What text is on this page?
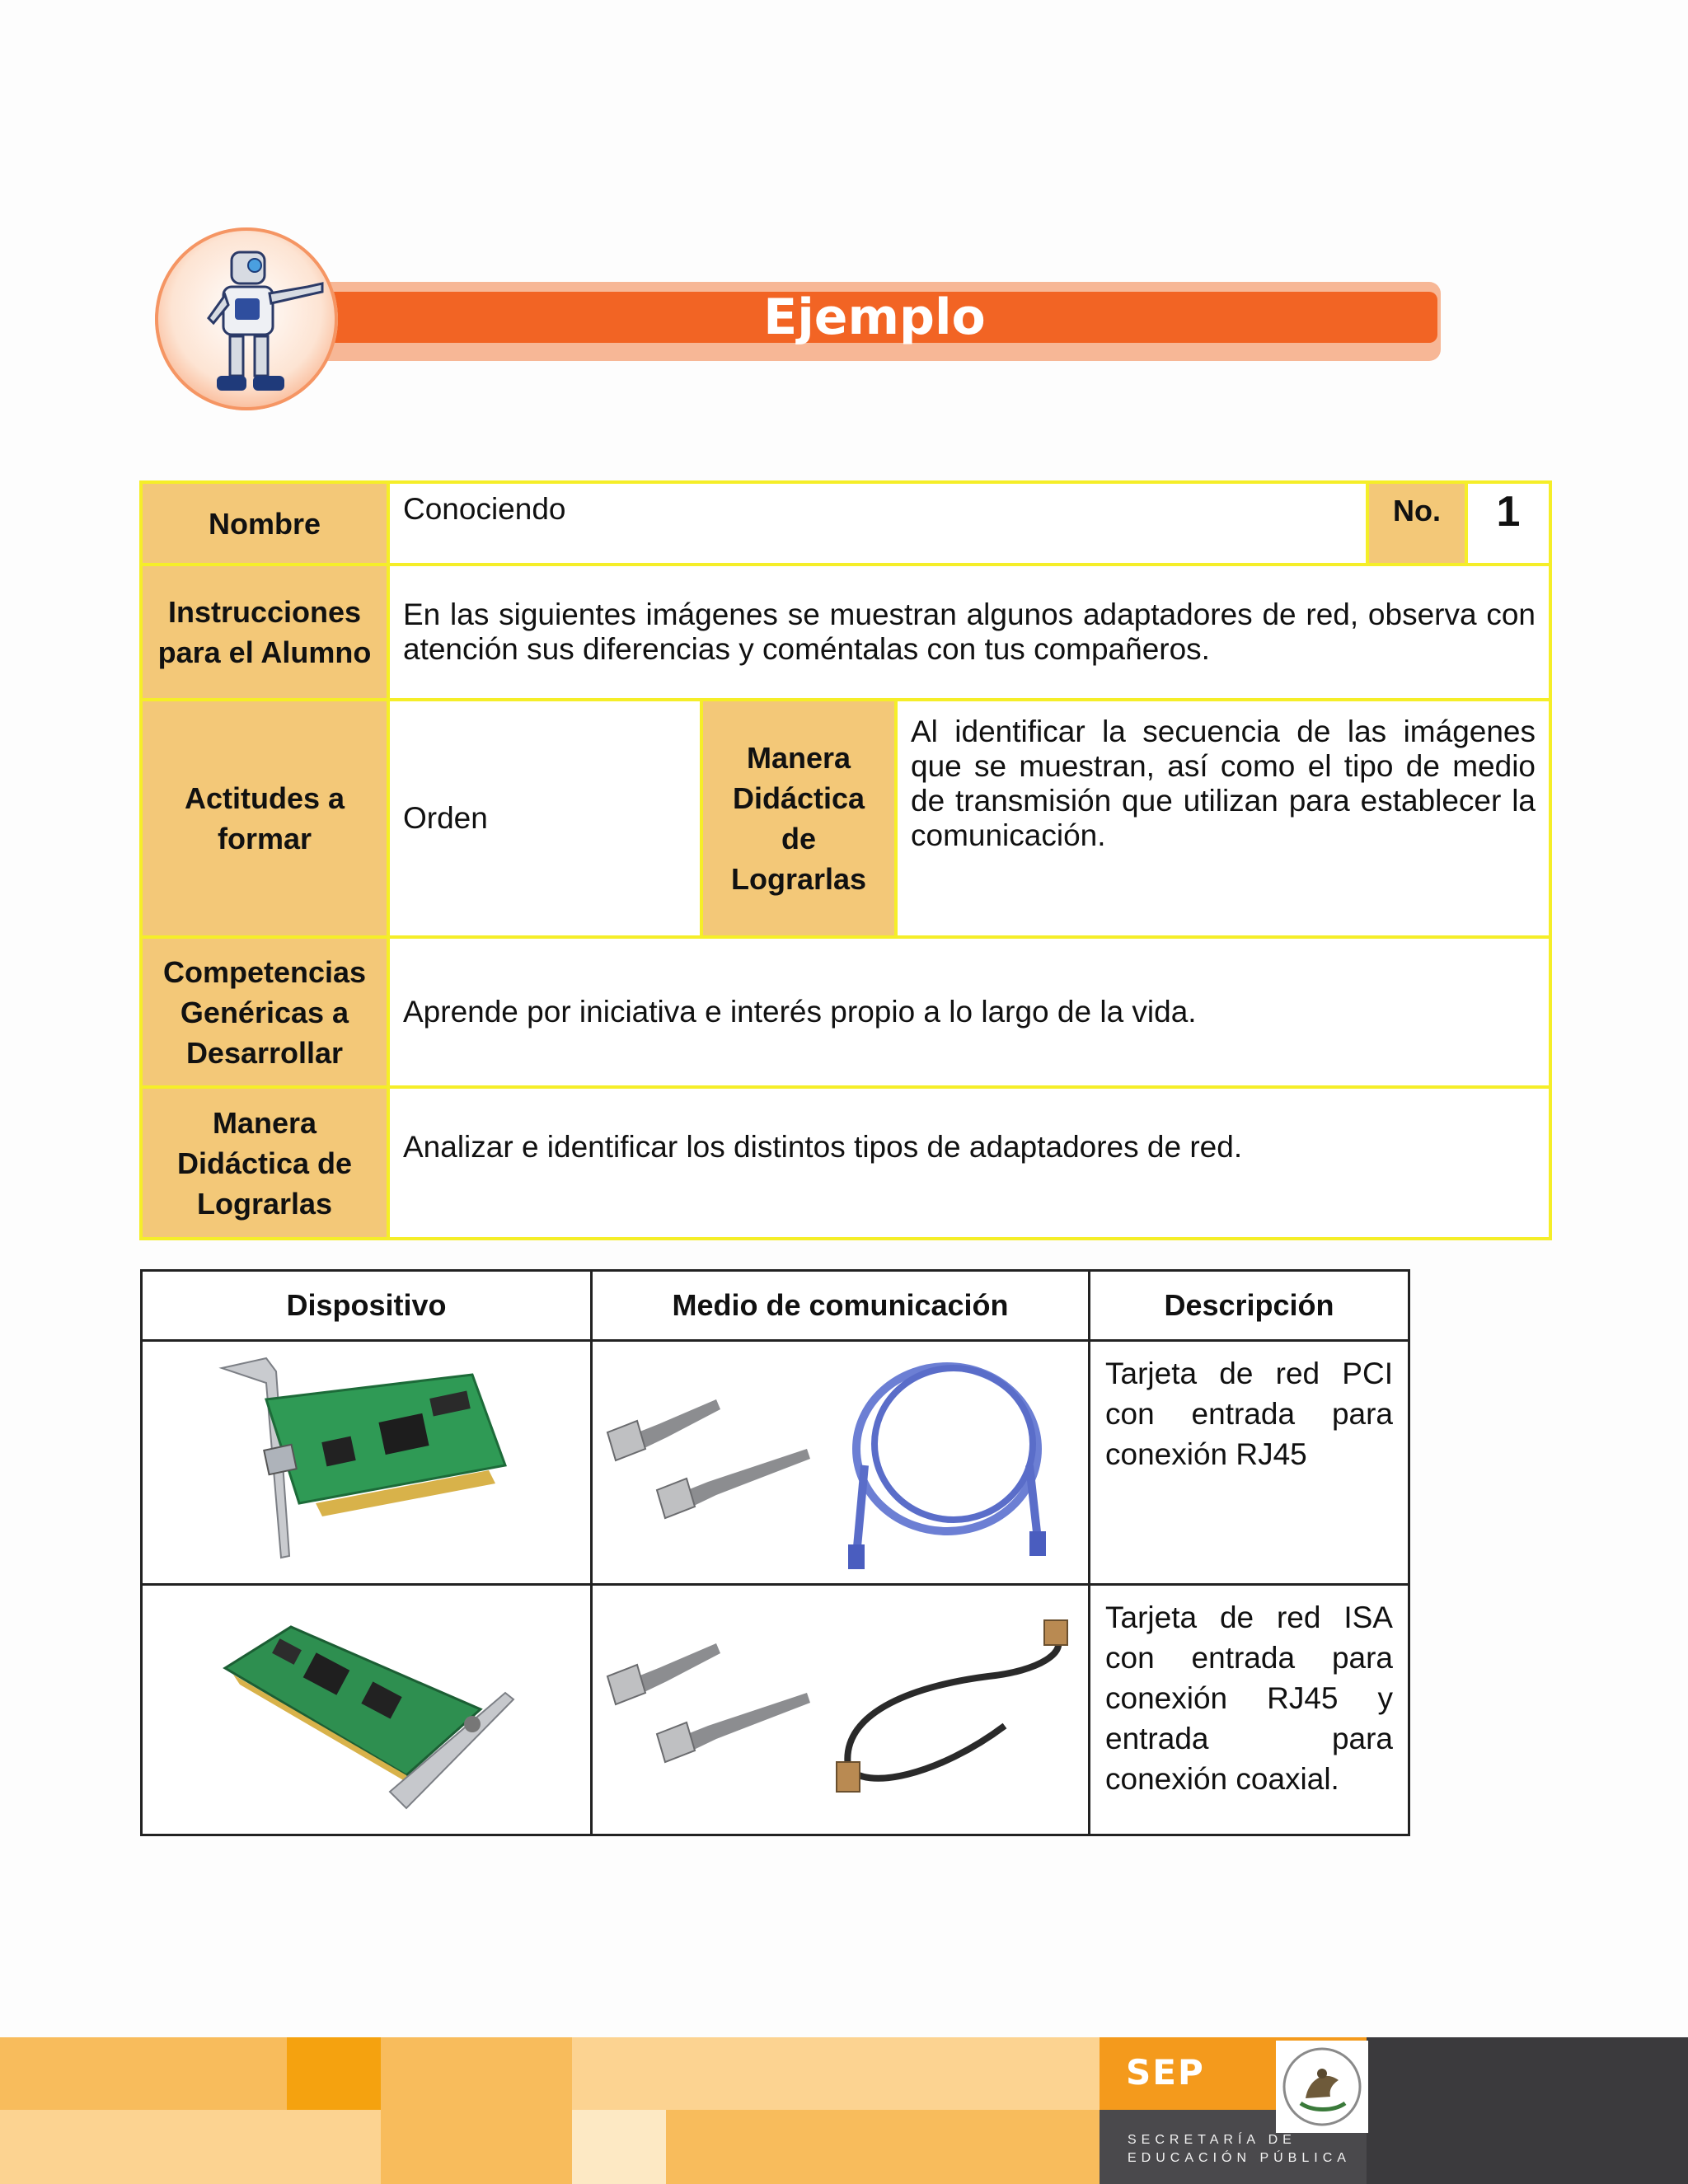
Ejemplo
Nombre	Conociendo			No.	1
Instrucciones para el Alumno	En las siguientes imágenes se muestran algunos adaptadores de red, observa con atención sus diferencias y coméntalas con tus compañeros.				
Actitudes a formar	Orden	Manera Didáctica de Lograrlas	Al identificar la secuencia de las imágenes que se muestran, así como el tipo de medio de transmisión que utilizan para establecer la comunicación.		
Competencias Genéricas a Desarrollar	Aprende por iniciativa e interés propio a lo largo de la vida.				
Manera Didáctica de Lograrlas	Analizar e identificar los distintos tipos de adaptadores de red.				
Dispositivo	Medio de comunicación	Descripción
		Tarjeta de red PCI con entrada para conexión RJ45
		Tarjeta de red ISA con entrada para conexión RJ45 y entrada para conexión coaxial.
SEP
SECRETARÍA DE
EDUCACIÓN PÚBLICA
